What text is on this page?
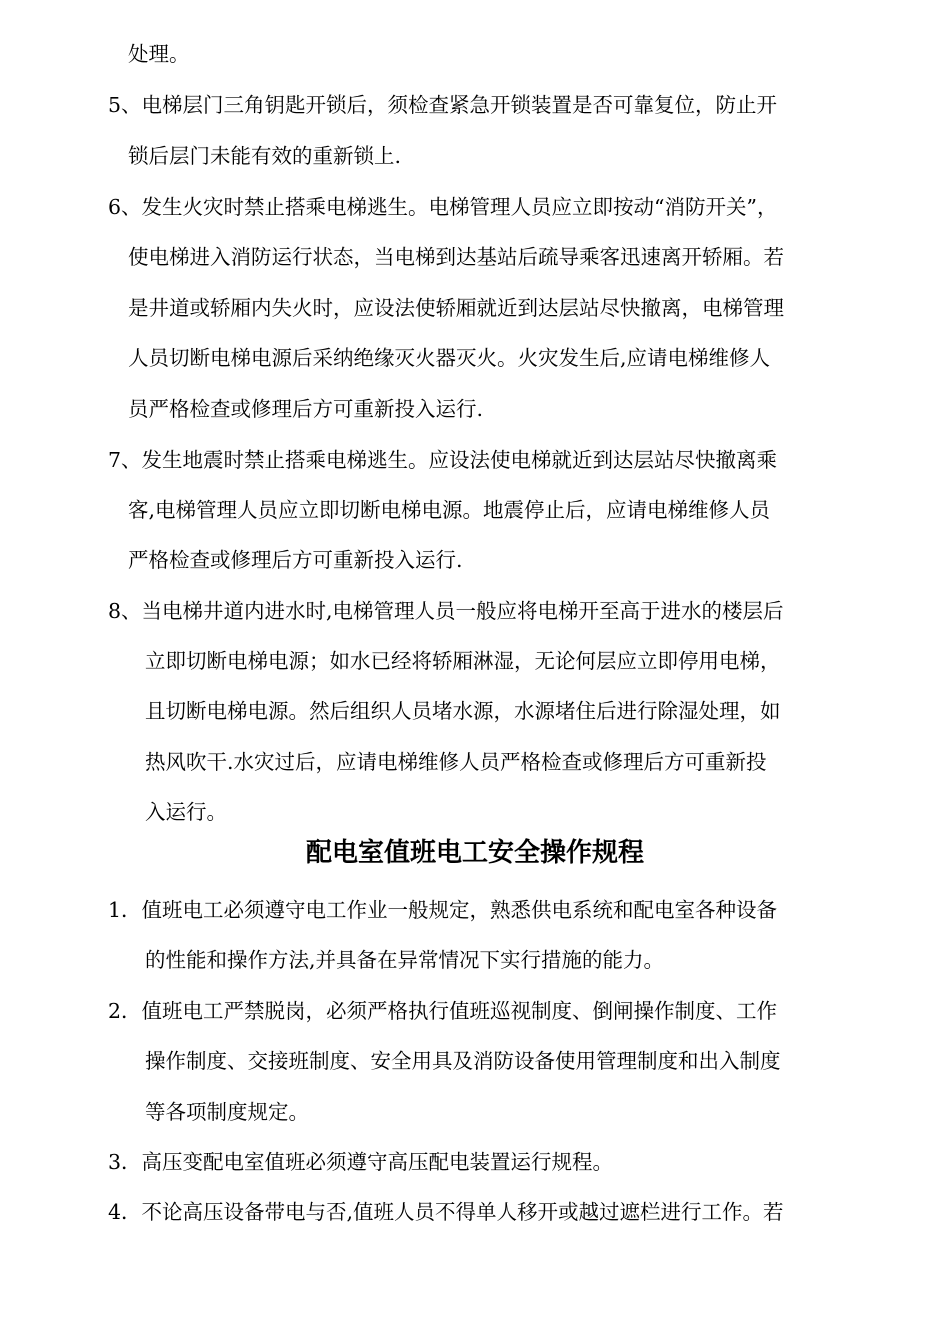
处理。
5、电梯层门三角钥匙开锁后，须检查紧急开锁装置是否可靠复位，防止开
锁后层门未能有效的重新锁上.
6、发生火灾时禁止搭乘电梯逃生。电梯管理人员应立即按动“消防开关”，
使电梯进入消防运行状态，当电梯到达基站后疏导乘客迅速离开轿厢。若
是井道或轿厢内失火时，应设法使轿厢就近到达层站尽快撤离，电梯管理
人员切断电梯电源后采纳绝缘灭火器灭火。火灾发生后,应请电梯维修人
员严格检查或修理后方可重新投入运行.
7、发生地震时禁止搭乘电梯逃生。应设法使电梯就近到达层站尽快撤离乘
客,电梯管理人员应立即切断电梯电源。地震停止后，应请电梯维修人员
严格检查或修理后方可重新投入运行.
8、当电梯井道内进水时,电梯管理人员一般应将电梯开至高于进水的楼层后
立即切断电梯电源；如水已经将轿厢淋湿，无论何层应立即停用电梯，
且切断电梯电源。然后组织人员堵水源，水源堵住后进行除湿处理，如
热风吹干.水灾过后，应请电梯维修人员严格检查或修理后方可重新投
入运行。
配电室值班电工安全操作规程
1．值班电工必须遵守电工作业一般规定，熟悉供电系统和配电室各种设备
的性能和操作方法,并具备在异常情况下实行措施的能力。
2．值班电工严禁脱岗，必须严格执行值班巡视制度、倒闸操作制度、工作
操作制度、交接班制度、安全用具及消防设备使用管理制度和出入制度
等各项制度规定。
3．高压变配电室值班必须遵守高压配电装置运行规程。
4．不论高压设备带电与否,值班人员不得单人移开或越过遮栏进行工作。若
